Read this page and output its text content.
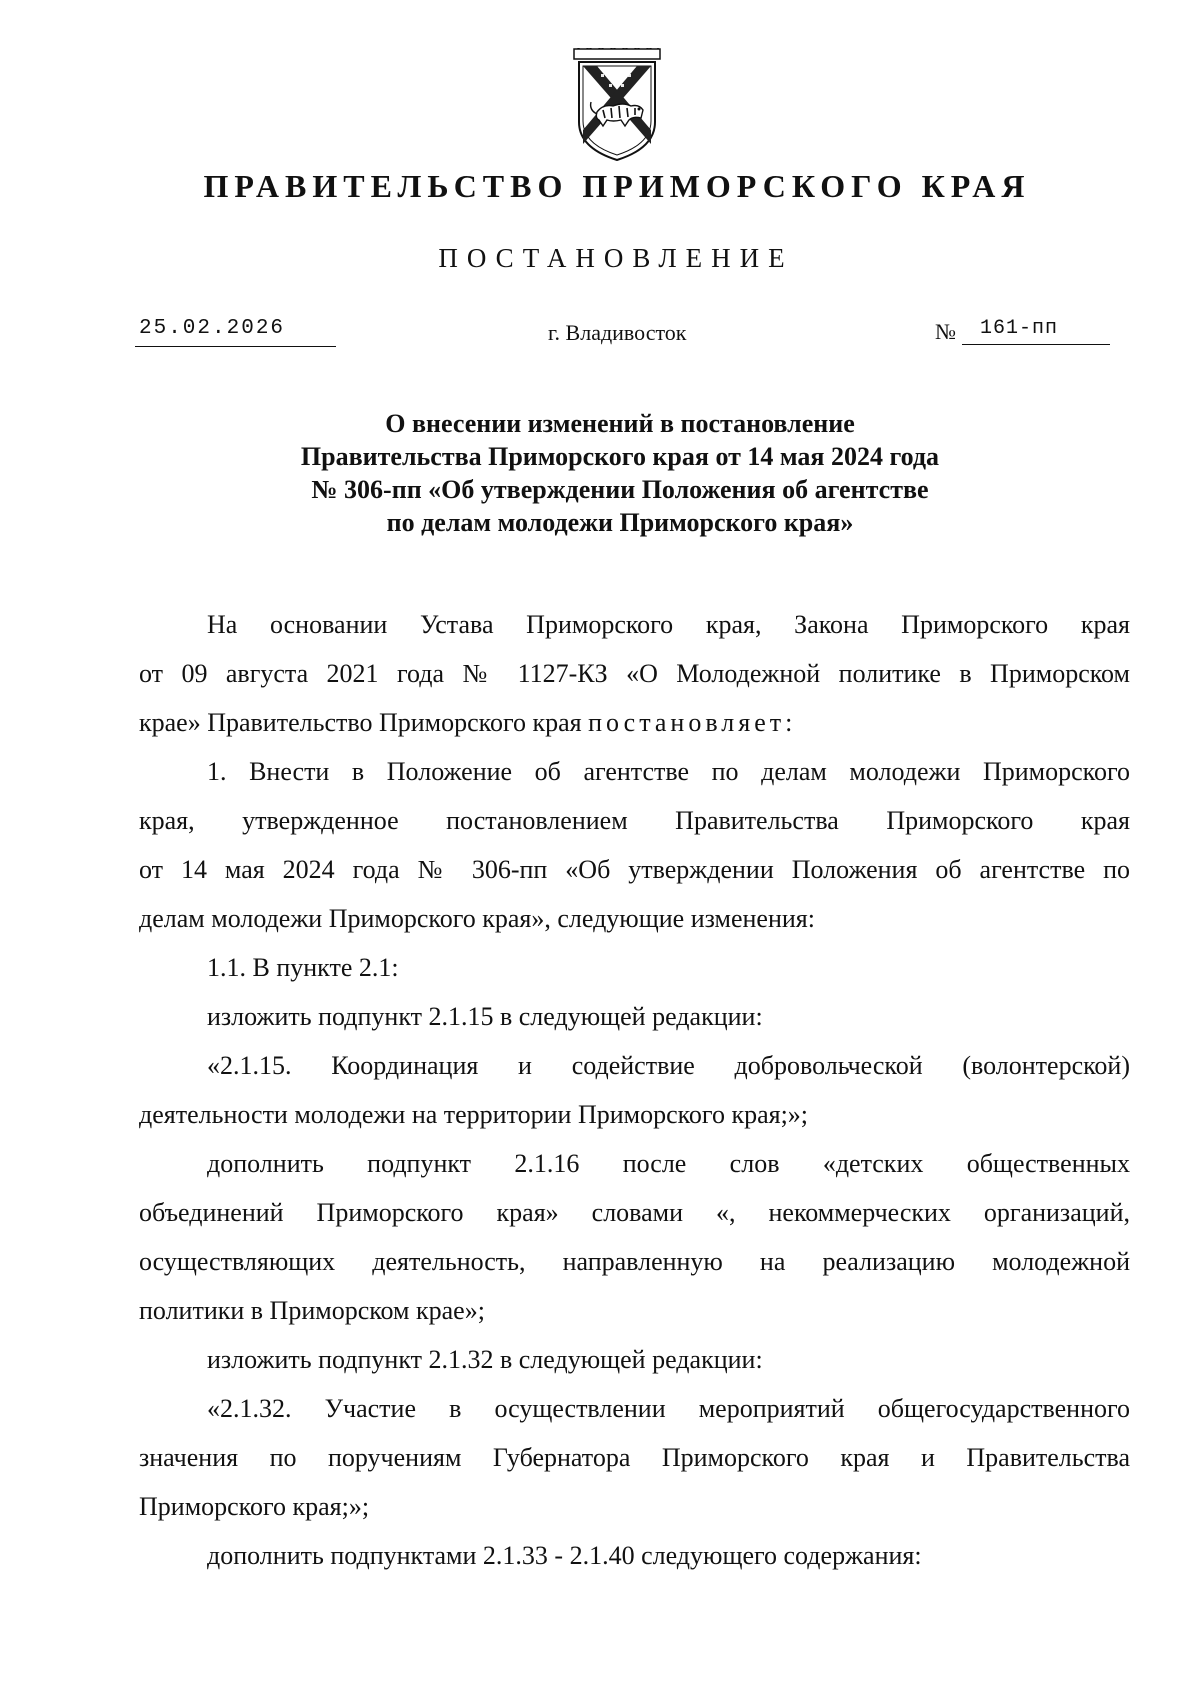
ПРАВИТЕЛЬСТВО ПРИМОРСКОГО КРАЯ
ПОСТАНОВЛЕНИЕ
25.02.2026	г. Владивосток	№ 161-пп
О внесении изменений в постановление
Правительства Приморского края от 14 мая 2024 года
№ 306-пп «Об утверждении Положения об агентстве
по делам молодежи Приморского края»
На основании Устава Приморского края, Закона Приморского края
от 09 августа 2021 года № 1127-КЗ «О Молодежной политике в Приморском
крае» Правительство Приморского края постановляет:
1. Внести в Положение об агентстве по делам молодежи Приморского
края, утвержденное постановлением Правительства Приморского края
от 14 мая 2024 года № 306-пп «Об утверждении Положения об агентстве по
делам молодежи Приморского края», следующие изменения:
1.1. В пункте 2.1:
изложить подпункт 2.1.15 в следующей редакции:
«2.1.15. Координация и содействие добровольческой (волонтерской)
деятельности молодежи на территории Приморского края;»;
дополнить подпункт 2.1.16 после слов «детских общественных
объединений Приморского края» словами «, некоммерческих организаций,
осуществляющих деятельность, направленную на реализацию молодежной
политики в Приморском крае»;
изложить подпункт 2.1.32 в следующей редакции:
«2.1.32. Участие в осуществлении мероприятий общегосударственного
значения по поручениям Губернатора Приморского края и Правительства
Приморского края;»;
дополнить подпунктами 2.1.33 - 2.1.40 следующего содержания:
